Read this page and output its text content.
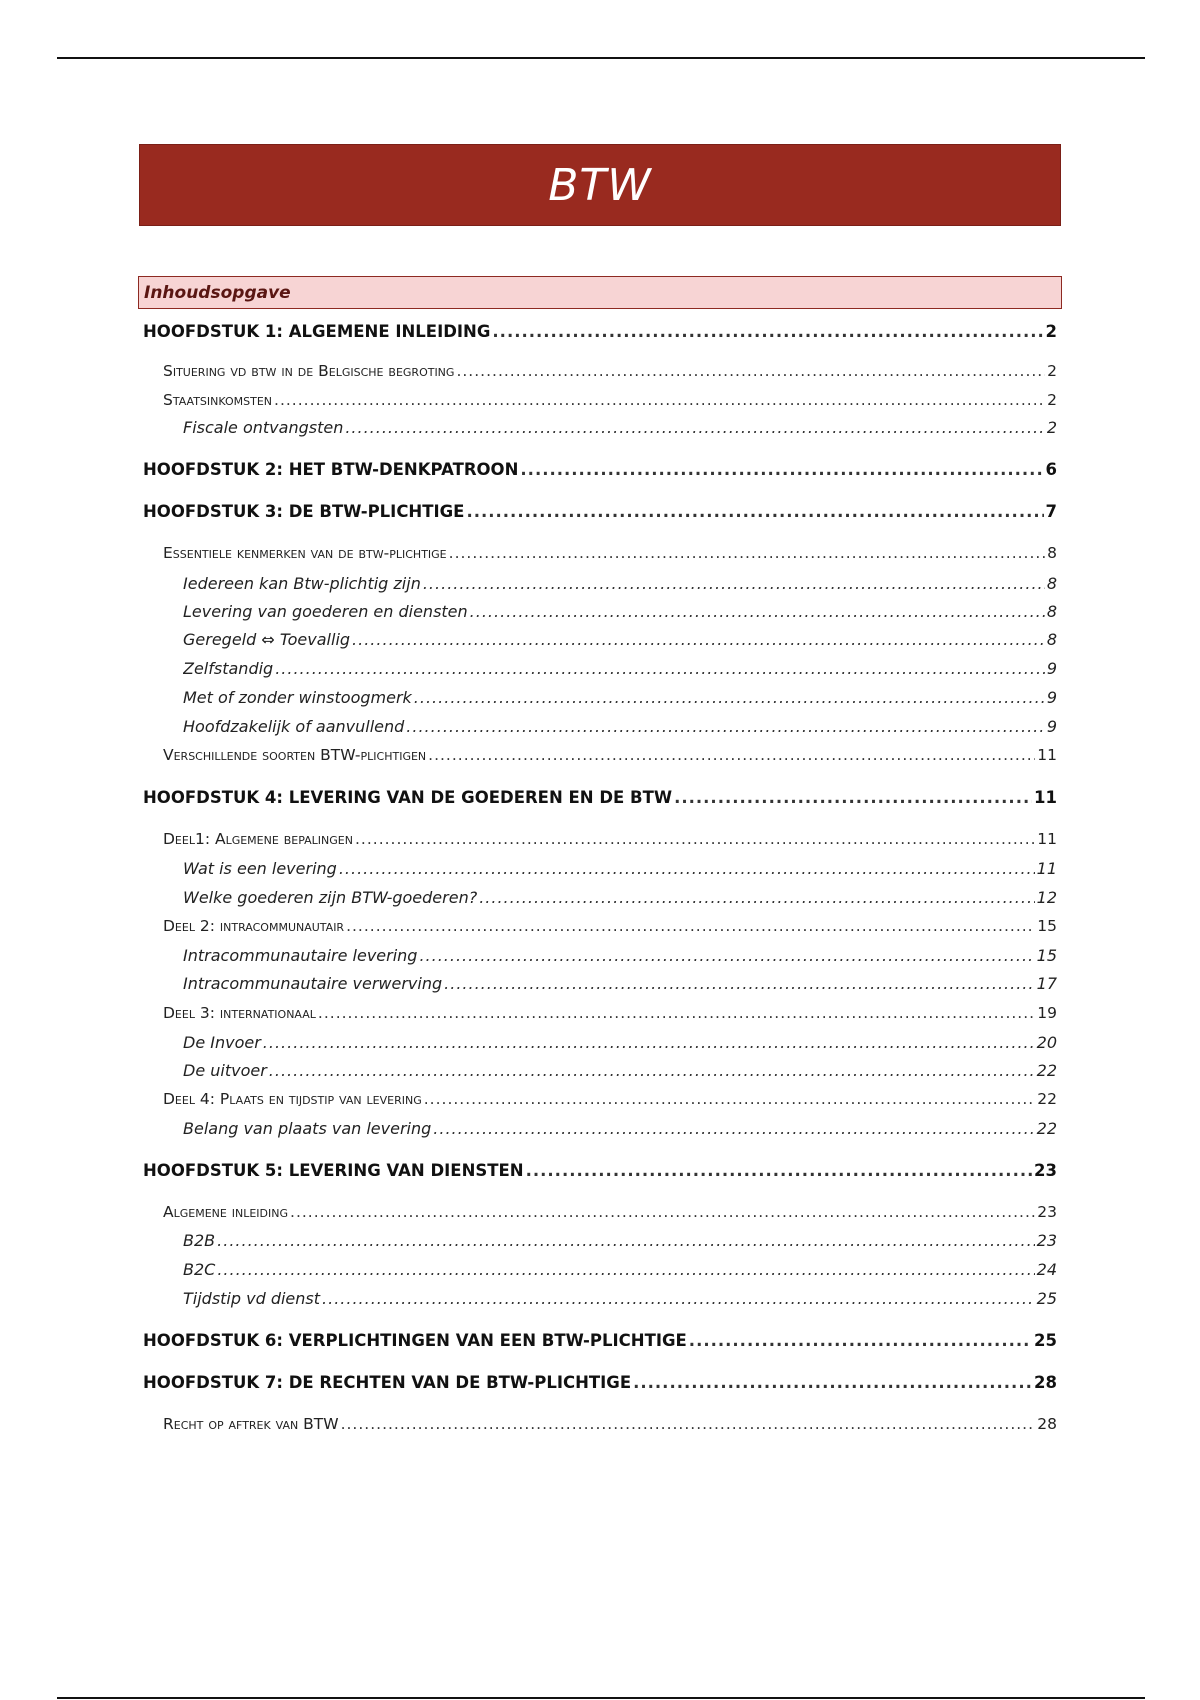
BTW
Inhoudsopgave
HOOFDSTUK 1: ALGEMENE INLEIDING .....	2
Situering vd btw in de Belgische begroting .....	2
Staatsinkomsten .....	2
Fiscale ontvangsten .....	2
HOOFDSTUK 2: HET BTW-DENKPATROON .....	6
HOOFDSTUK 3: DE BTW-PLICHTIGE .....	7
Essentiele kenmerken van de btw-plichtige .....	8
Iedereen kan Btw-plichtig zijn .....	8
Levering van goederen en diensten .....	8
Geregeld ⇔ Toevallig .....	8
Zelfstandig .....	9
Met of zonder winstoogmerk .....	9
Hoofdzakelijk of aanvullend .....	9
Verschillende soorten BTW-plichtigen .....	11
HOOFDSTUK 4: LEVERING VAN DE GOEDEREN EN DE BTW .....	11
Deel1: Algemene bepalingen .....	11
Wat is een levering .....	11
Welke goederen zijn BTW-goederen? .....	12
Deel 2: intracommunautair .....	15
Intracommunautaire levering .....	15
Intracommunautaire verwerving .....	17
Deel 3: internationaal .....	19
De Invoer .....	20
De uitvoer .....	22
Deel 4: Plaats en tijdstip van levering .....	22
Belang van plaats van levering .....	22
HOOFDSTUK 5: LEVERING VAN DIENSTEN .....	23
Algemene inleiding .....	23
B2B .....	23
B2C .....	24
Tijdstip vd dienst .....	25
HOOFDSTUK 6: VERPLICHTINGEN VAN EEN BTW-PLICHTIGE .....	25
HOOFDSTUK 7: DE RECHTEN VAN DE BTW-PLICHTIGE .....	28
Recht op aftrek van BTW .....	28
